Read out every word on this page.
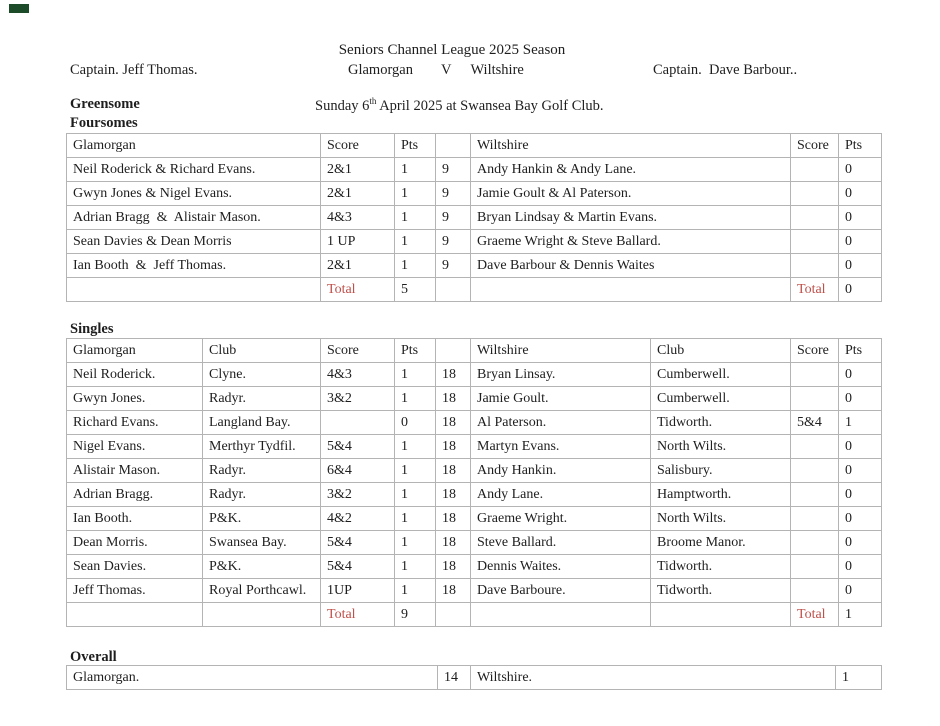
Seniors Channel League 2025 Season
Captain. Jeff Thomas.	Glamorgan V Wiltshire	Captain.  Dave Barbour..
Greensome
Foursomes
Sunday 6th April 2025 at Swansea Bay Golf Club.
Glamorgan	Score	Pts		Wiltshire	Score	Pts
Neil Roderick & Richard Evans.	2&1	1	9	Andy Hankin & Andy Lane.		0
Gwyn Jones & Nigel Evans.	2&1	1	9	Jamie Goult & Al Paterson.		0
Adrian Bragg  &  Alistair Mason.	4&3	1	9	Bryan Lindsay & Martin Evans.		0
Sean Davies & Dean Morris	1 UP	1	9	Graeme Wright & Steve Ballard.		0
Ian Booth  &  Jeff Thomas.	2&1	1	9	Dave Barbour & Dennis Waites		0
	Total	5			Total	0
Singles
Glamorgan	Club	Score	Pts		Wiltshire	Club	Score	Pts
Neil Roderick.	Clyne.	4&3	1	18	Bryan Linsay.	Cumberwell.		0
Gwyn Jones.	Radyr.	3&2	1	18	Jamie Goult.	Cumberwell.		0
Richard Evans.	Langland Bay.		0	18	Al Paterson.	Tidworth.	5&4	1
Nigel Evans.	Merthyr Tydfil.	5&4	1	18	Martyn Evans.	North Wilts.		0
Alistair Mason.	Radyr.	6&4	1	18	Andy Hankin.	Salisbury.		0
Adrian Bragg.	Radyr.	3&2	1	18	Andy Lane.	Hamptworth.		0
Ian Booth.	P&K.	4&2	1	18	Graeme Wright.	North Wilts.		0
Dean Morris.	Swansea Bay.	5&4	1	18	Steve Ballard.	Broome Manor.		0
Sean Davies.	P&K.	5&4	1	18	Dennis Waites.	Tidworth.		0
Jeff Thomas.	Royal Porthcawl.	1UP	1	18	Dave Barboure.	Tidworth.		0
		Total	9				Total	1
Overall
Glamorgan.	14	Wiltshire.	1
